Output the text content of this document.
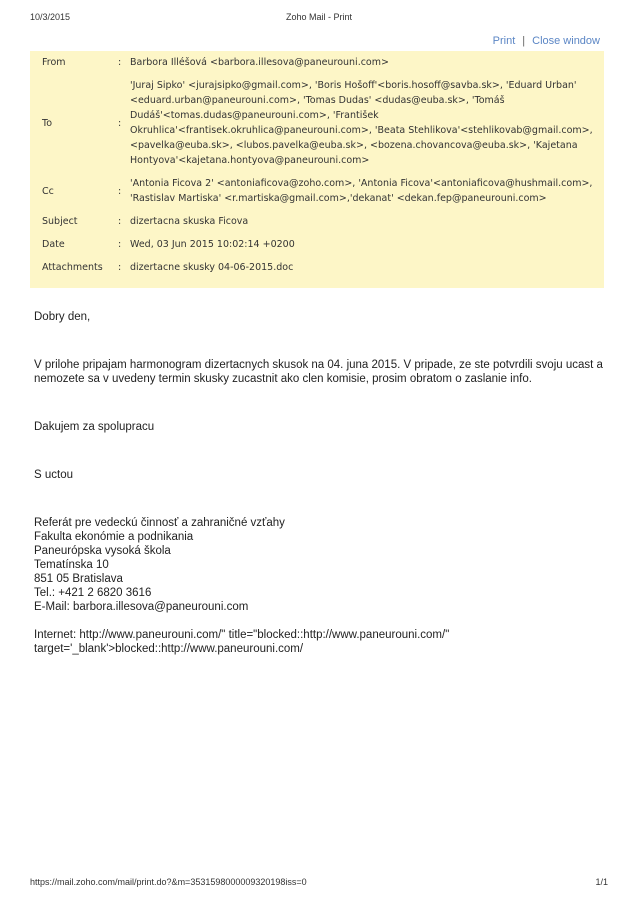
10/3/2015	Zoho Mail - Print
Print | Close window
From	:	Barbora Illéšová <barbora.illesova@paneurouni.com>
To	:	'Juraj Sipko' <jurajsipko@gmail.com>, 'Boris Hošoff'<boris.hosoff@savba.sk>, 'Eduard Urban' <eduard.urban@paneurouni.com>, 'Tomas Dudas' <dudas@euba.sk>, 'Tomáš Dudáš'<tomas.dudas@paneurouni.com>, 'František Okruhlica'<frantisek.okruhlica@paneurouni.com>, 'Beata Stehlikova'<stehlikovab@gmail.com>, <pavelka@euba.sk>, <lubos.pavelka@euba.sk>, <bozena.chovancova@euba.sk>, 'Kajetana Hontyova'<kajetana.hontyova@paneurouni.com>
Cc	:	'Antonia Ficova 2' <antoniaficova@zoho.com>, 'Antonia Ficova'<antoniaficova@hushmail.com>, 'Rastislav Martiska' <r.martiska@gmail.com>,'dekanat' <dekan.fep@paneurouni.com>
Subject	:	dizertacna skuska Ficova
Date	:	Wed, 03 Jun 2015 10:02:14 +0200
Attachments	:	dizertacne skusky 04-06-2015.doc

Dobry den,

V prilohe pripajam harmonogram dizertacnych skusok na 04. juna 2015. V pripade, ze ste potvrdili svoju ucast a nemozete sa v uvedeny termin skusky zucastnit ako clen komisie, prosim obratom o zaslanie info.

Dakujem za spolupracu

S uctou

Referát pre vedeckú činnosť a zahraničné vzťahy
Fakulta ekonómie a podnikania
Paneurópska vysoká škola
Tematínska 10
851 05 Bratislava
Tel.: +421 2 6820 3616
E-Mail: barbora.illesova@paneurouni.com

Internet: http://www.paneurouni.com/" title="blocked::http://www.paneurouni.com/" target='_blank'>blocked::http://www.paneurouni.com/

https://mail.zoho.com/mail/print.do?&m=3531598000009320198iss=0	1/1
